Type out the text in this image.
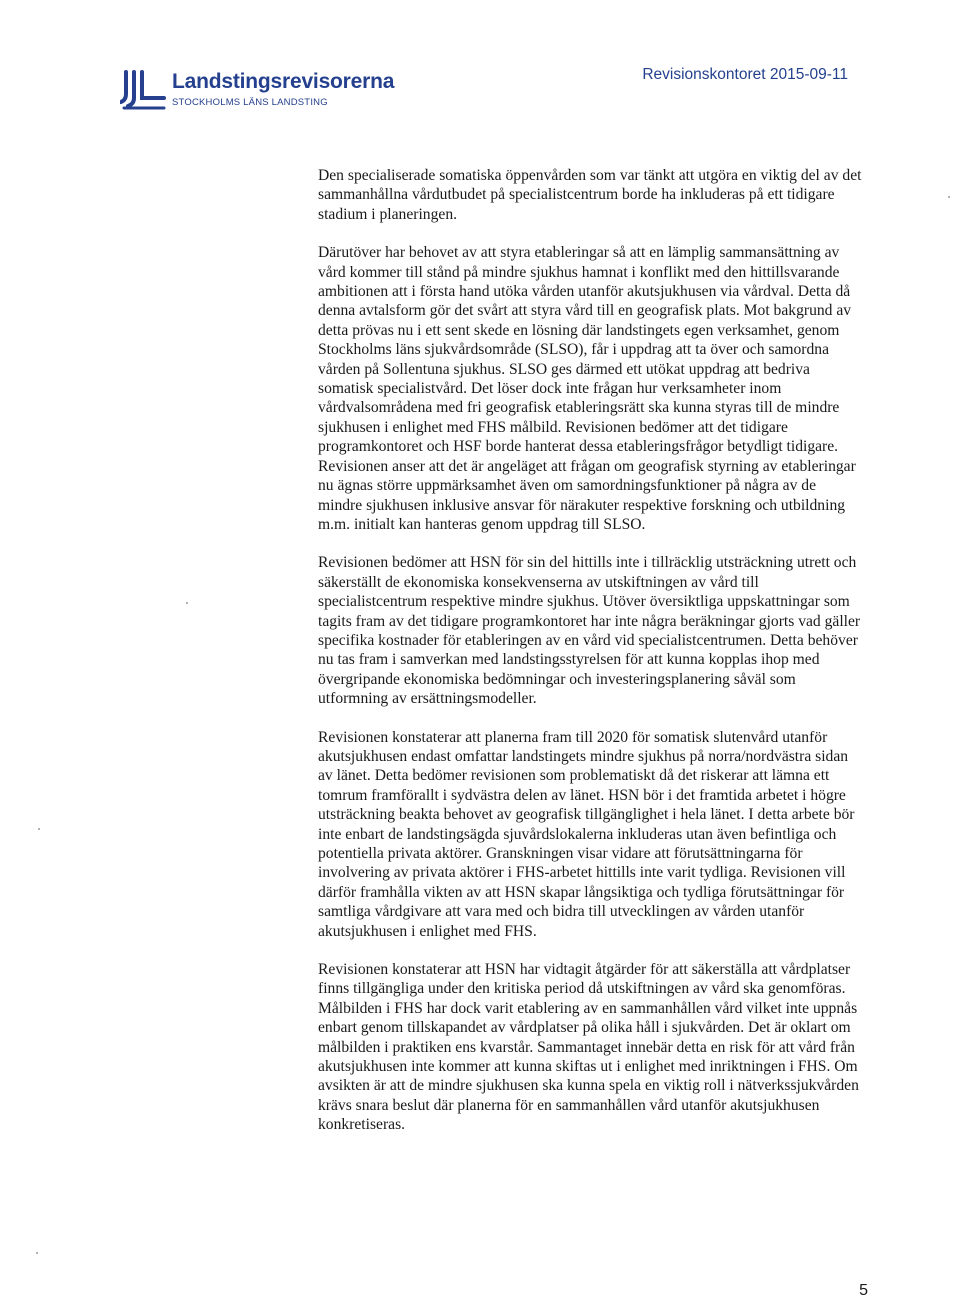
Landstingsrevisorerna
STOCKHOLMS LÄNS LANDSTING
Revisionskontoret 2015-09-11

Den specialiserade somatiska öppenvården som var tänkt att utgöra en viktig del av det sammanhållna vårdutbudet på specialistcentrum borde ha inkluderas på ett tidigare stadium i planeringen.

Därutöver har behovet av att styra etableringar så att en lämplig sammansättning av vård kommer till stånd på mindre sjukhus hamnat i konflikt med den hittillsvarande ambitionen att i första hand utöka vården utanför akutsjukhusen via vårdval. Detta då denna avtalsform gör det svårt att styra vård till en geografisk plats. Mot bakgrund av detta prövas nu i ett sent skede en lösning där landstingets egen verksamhet, genom Stockholms läns sjukvårdsområde (SLSO), får i uppdrag att ta över och samordna vården på Sollentuna sjukhus. SLSO ges därmed ett utökat uppdrag att bedriva somatisk specialistvård. Det löser dock inte frågan hur verksamheter inom vårdvalsområdena med fri geografisk etableringsrätt ska kunna styras till de mindre sjukhusen i enlighet med FHS målbild. Revisionen bedömer att det tidigare programkontoret och HSF borde hanterat dessa etableringsfrågor betydligt tidigare. Revisionen anser att det är angeläget att frågan om geografisk styrning av etableringar nu ägnas större uppmärksamhet även om samordningsfunktioner på några av de mindre sjukhusen inklusive ansvar för närakuter respektive forskning och utbildning m.m. initialt kan hanteras genom uppdrag till SLSO.

Revisionen bedömer att HSN för sin del hittills inte i tillräcklig utsträckning utrett och säkerställt de ekonomiska konsekvenserna av utskiftningen av vård till specialistcentrum respektive mindre sjukhus. Utöver översiktliga uppskattningar som tagits fram av det tidigare programkontoret har inte några beräkningar gjorts vad gäller specifika kostnader för etableringen av en vård vid specialistcentrumen. Detta behöver nu tas fram i samverkan med landstingsstyrelsen för att kunna kopplas ihop med övergripande ekonomiska bedömningar och investeringsplanering såväl som utformning av ersättningsmodeller.

Revisionen konstaterar att planerna fram till 2020 för somatisk slutenvård utanför akutsjukhusen endast omfattar landstingets mindre sjukhus på norra/nordvästra sidan av länet. Detta bedömer revisionen som problematiskt då det riskerar att lämna ett tomrum framförallt i sydvästra delen av länet. HSN bör i det framtida arbetet i högre utsträckning beakta behovet av geografisk tillgänglighet i hela länet. I detta arbete bör inte enbart de landstingsägda sjuvårdslokalerna inkluderas utan även befintliga och potentiella privata aktörer. Granskningen visar vidare att förutsättningarna för involvering av privata aktörer i FHS-arbetet hittills inte varit tydliga. Revisionen vill därför framhålla vikten av att HSN skapar långsiktiga och tydliga förutsättningar för samtliga vårdgivare att vara med och bidra till utvecklingen av vården utanför akutsjukhusen i enlighet med FHS.

Revisionen konstaterar att HSN har vidtagit åtgärder för att säkerställa att vårdplatser finns tillgängliga under den kritiska period då utskiftningen av vård ska genomföras. Målbilden i FHS har dock varit etablering av en sammanhållen vård vilket inte uppnås enbart genom tillskapandet av vårdplatser på olika håll i sjukvården. Det är oklart om målbilden i praktiken ens kvarstår. Sammantaget innebär detta en risk för att vård från akutsjukhusen inte kommer att kunna skiftas ut i enlighet med inriktningen i FHS. Om avsikten är att de mindre sjukhusen ska kunna spela en viktig roll i nätverkssjukvården krävs snara beslut där planerna för en sammanhållen vård utanför akutsjukhusen konkretiseras.

5
